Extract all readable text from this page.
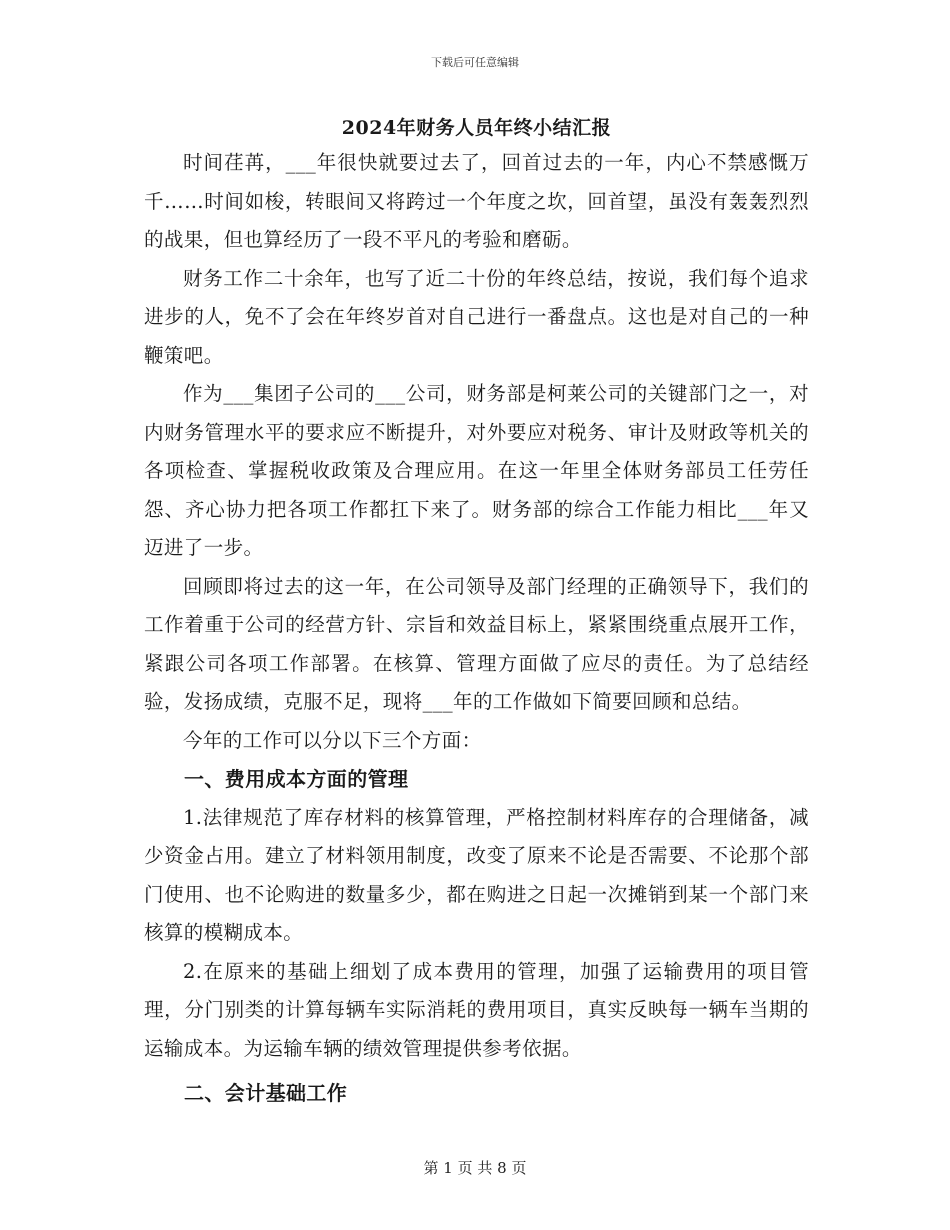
下载后可任意编辑
2024年财务人员年终小结汇报

时间荏苒，___年很快就要过去了，回首过去的一年，内心不禁感慨万千……时间如梭，转眼间又将跨过一个年度之坎，回首望，虽没有轰轰烈烈的战果，但也算经历了一段不平凡的考验和磨砺。

财务工作二十余年，也写了近二十份的年终总结，按说，我们每个追求进步的人，免不了会在年终岁首对自己进行一番盘点。这也是对自己的一种鞭策吧。

作为___集团子公司的___公司，财务部是柯莱公司的关键部门之一，对内财务管理水平的要求应不断提升，对外要应对税务、审计及财政等机关的各项检查、掌握税收政策及合理应用。在这一年里全体财务部员工任劳任怨、齐心协力把各项工作都扛下来了。财务部的综合工作能力相比___年又迈进了一步。

回顾即将过去的这一年，在公司领导及部门经理的正确领导下，我们的工作着重于公司的经营方针、宗旨和效益目标上，紧紧围绕重点展开工作，紧跟公司各项工作部署。在核算、管理方面做了应尽的责任。为了总结经验，发扬成绩，克服不足，现将___年的工作做如下简要回顾和总结。

今年的工作可以分以下三个方面：

一、费用成本方面的管理

1.法律规范了库存材料的核算管理，严格控制材料库存的合理储备，减少资金占用。建立了材料领用制度，改变了原来不论是否需要、不论那个部门使用、也不论购进的数量多少，都在购进之日起一次摊销到某一个部门来核算的模糊成本。

2.在原来的基础上细划了成本费用的管理，加强了运输费用的项目管理，分门别类的计算每辆车实际消耗的费用项目，真实反映每一辆车当期的运输成本。为运输车辆的绩效管理提供参考依据。

二、会计基础工作
第 1 页 共 8 页
